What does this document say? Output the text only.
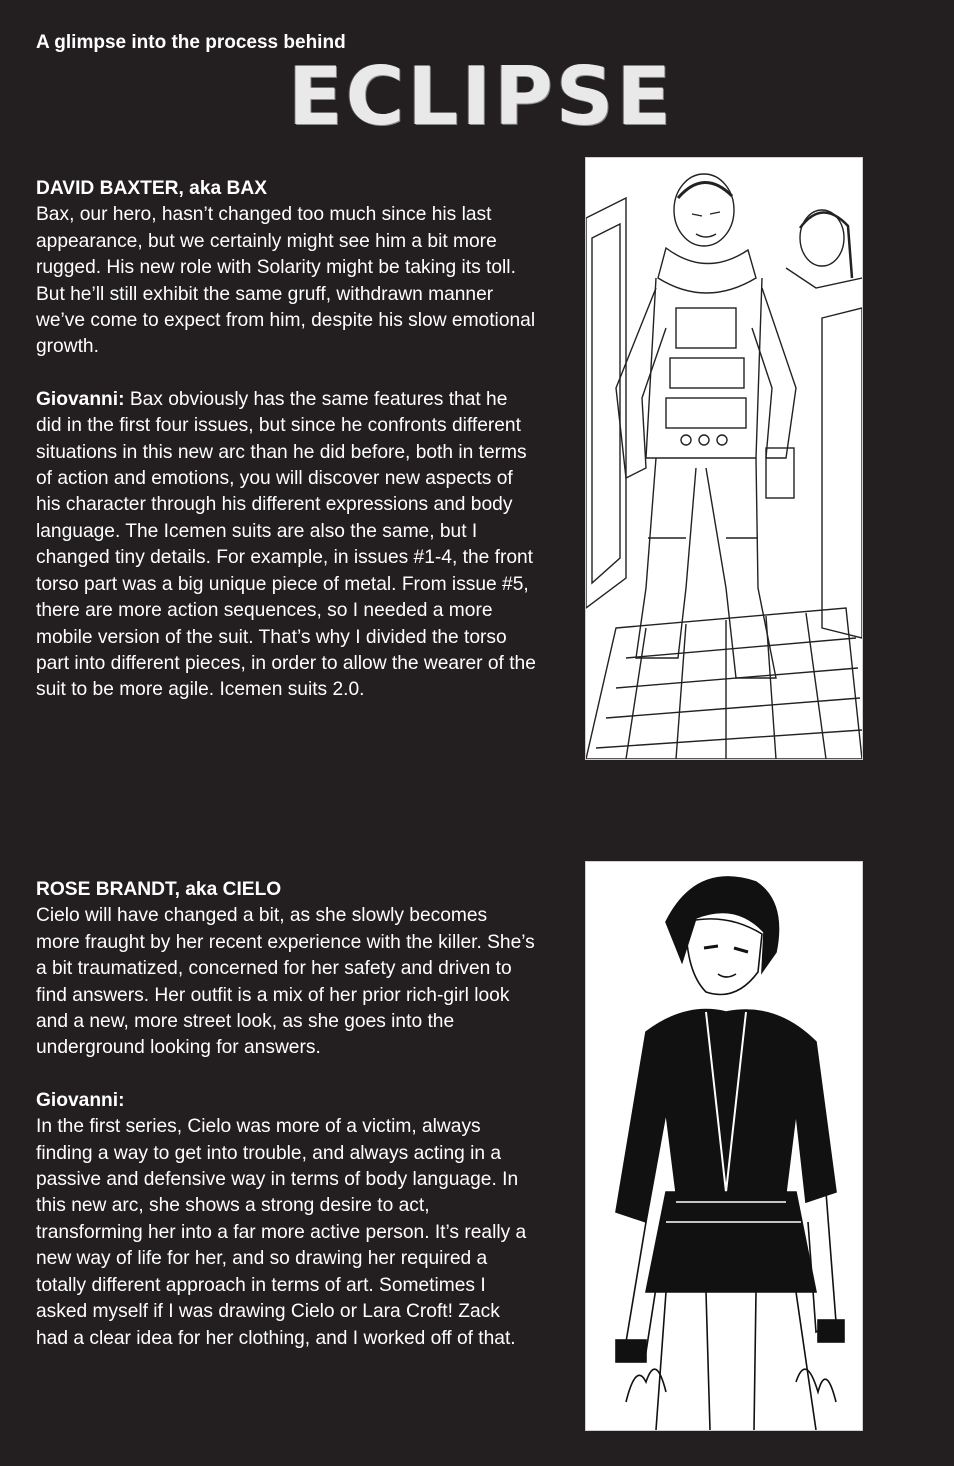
A glimpse into the process behind
ECLIPSE

DAVID BAXTER, aka BAX

Bax, our hero, hasn’t changed too much since his last appearance, but we certainly might see him a bit more rugged. His new role with Solarity might be taking its toll. But he’ll still exhibit the same gruff, withdrawn manner we’ve come to expect from him, despite his slow emotional growth.

Giovanni: Bax obviously has the same features that he did in the first four issues, but since he confronts different situations in this new arc than he did before, both in terms of action and emotions, you will discover new aspects of his character through his different expressions and body language. The Icemen suits are also the same, but I changed tiny details. For example, in issues #1-4, the front torso part was a big unique piece of metal. From issue #5, there are more action sequences, so I needed a more mobile version of the suit. That’s why I divided the torso part into different pieces, in order to allow the wearer of the suit to be more agile. Icemen suits 2.0.

ROSE BRANDT, aka CIELO

Cielo will have changed a bit, as she slowly becomes more fraught by her recent experience with the killer. She’s a bit traumatized, concerned for her safety and driven to find answers. Her outfit is a mix of her prior rich-girl look and a new, more street look, as she goes into the underground looking for answers.

Giovanni:

In the first series, Cielo was more of a victim, always finding a way to get into trouble, and always acting in a passive and defensive way in terms of body language. In this new arc, she shows a strong desire to act, transforming her into a far more active person. It’s really a new way of life for her, and so drawing her required a totally different approach in terms of art. Sometimes I asked myself if I was drawing Cielo or Lara Croft! Zack had a clear idea for her clothing, and I worked off of that.
